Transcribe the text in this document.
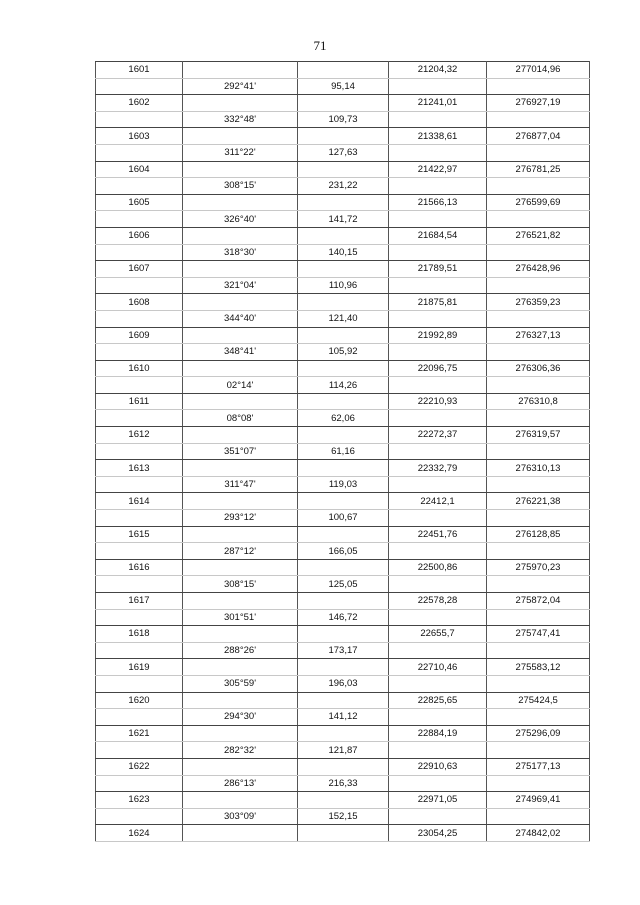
71
1601			21204,32	277014,96
	292°41'	95,14		
1602			21241,01	276927,19
	332°48'	109,73		
1603			21338,61	276877,04
	311°22'	127,63		
1604			21422,97	276781,25
	308°15'	231,22		
1605			21566,13	276599,69
	326°40'	141,72		
1606			21684,54	276521,82
	318°30'	140,15		
1607			21789,51	276428,96
	321°04'	110,96		
1608			21875,81	276359,23
	344°40'	121,40		
1609			21992,89	276327,13
	348°41'	105,92		
1610			22096,75	276306,36
	02°14'	114,26		
1611			22210,93	276310,8
	08°08'	62,06		
1612			22272,37	276319,57
	351°07'	61,16		
1613			22332,79	276310,13
	311°47'	119,03		
1614			22412,1	276221,38
	293°12'	100,67		
1615			22451,76	276128,85
	287°12'	166,05		
1616			22500,86	275970,23
	308°15'	125,05		
1617			22578,28	275872,04
	301°51'	146,72		
1618			22655,7	275747,41
	288°26'	173,17		
1619			22710,46	275583,12
	305°59'	196,03		
1620			22825,65	275424,5
	294°30'	141,12		
1621			22884,19	275296,09
	282°32'	121,87		
1622			22910,63	275177,13
	286°13'	216,33		
1623			22971,05	274969,41
	303°09'	152,15		
1624			23054,25	274842,02
